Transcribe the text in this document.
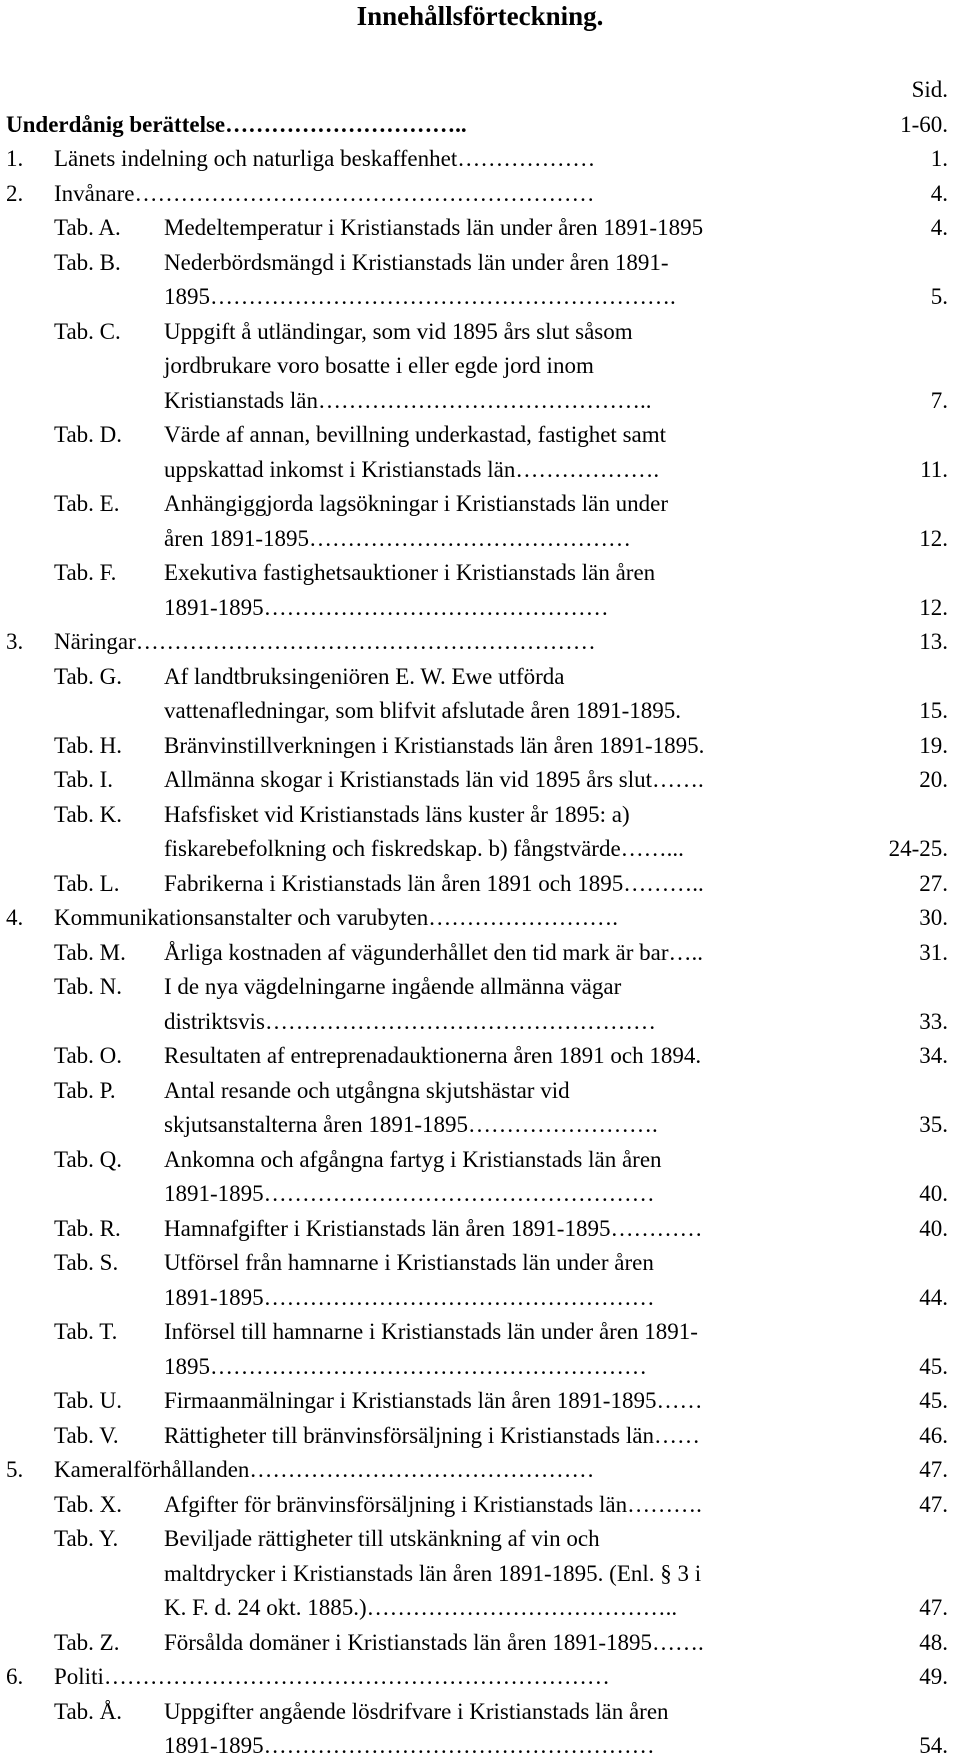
Innehållsförteckning.
Sid.
Underdånig berättelse…………………………..	1-60.
1.	Länets indelning och naturliga beskaffenhet………………	1.
2.	Invånare……………………………………………………	4.
Tab. A.	Medeltemperatur i Kristianstads län under åren 1891-1895	4.
Tab. B.	Nederbördsmängd i Kristianstads län under åren 1891-
1895…………………………………………………….	5.
Tab. C.	Uppgift å utländingar, som vid 1895 års slut såsom
jordbrukare voro bosatte i eller egde jord inom
Kristianstads län……………………………………..	7.
Tab. D.	Värde af annan, bevillning underkastad, fastighet samt
uppskattad inkomst i Kristianstads län……………….	11.
Tab. E.	Anhängiggjorda lagsökningar i Kristianstads län under
åren 1891-1895……………………………………	12.
Tab. F.	Exekutiva fastighetsauktioner i Kristianstads län åren
1891-1895………………………………………	12.
3.	Näringar……………………………………………………	13.
Tab. G.	Af landtbruksingeniören E. W. Ewe utförda
vattenafledningar, som blifvit afslutade åren 1891-1895.	15.
Tab. H.	Bränvinstillverkningen i Kristianstads län åren 1891-1895.	19.
Tab. I.	Allmänna skogar i Kristianstads län vid 1895 års slut…….	20.
Tab. K.	Hafsfisket vid Kristianstads läns kuster år 1895: a)
fiskarebefolkning och fiskredskap. b) fångstvärde……...	24-25.
Tab. L.	Fabrikerna i Kristianstads län åren 1891 och 1895………..	27.
4.	Kommunikationsanstalter och varubyten…………………….	30.
Tab. M.	Årliga kostnaden af vägunderhållet den tid mark är bar…..	31.
Tab. N.	I de nya vägdelningarne ingående allmänna vägar
distriktsvis……………………………………………	33.
Tab. O.	Resultaten af entreprenadauktionerna åren 1891 och 1894.	34.
Tab. P.	Antal resande och utgångna skjutshästar vid
skjutsanstalterna åren 1891-1895…………………….	35.
Tab. Q.	Ankomna och afgångna fartyg i Kristianstads län åren
1891-1895……………………………………………	40.
Tab. R.	Hamnafgifter i Kristianstads län åren 1891-1895…………	40.
Tab. S.	Utförsel från hamnarne i Kristianstads län under åren
1891-1895……………………………………………	44.
Tab. T.	Införsel till hamnarne i Kristianstads län under åren 1891-
1895…………………………………………………	45.
Tab. U.	Firmaanmälningar i Kristianstads län åren 1891-1895……	45.
Tab. V.	Rättigheter till bränvinsförsäljning i Kristianstads län……	46.
5.	Kameralförhållanden………………………………………	47.
Tab. X.	Afgifter för bränvinsförsäljning i Kristianstads län……….	47.
Tab. Y.	Beviljade rättigheter till utskänkning af vin och
maltdrycker i Kristianstads län åren 1891-1895. (Enl. § 3 i
K. F. d. 24 okt. 1885.)…………………………………..	47.
Tab. Z.	Försålda domäner i Kristianstads län åren 1891-1895…….	48.
6.	Politi…………………………………………………………	49.
Tab. Å.	Uppgifter angående lösdrifvare i Kristianstads län åren
1891-1895……………………………………………	54.
